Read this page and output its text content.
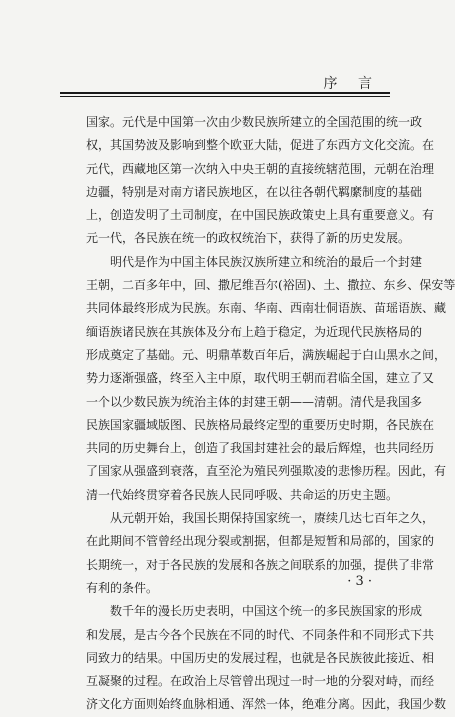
序 言
国家。元代是中国第一次由少数民族所建立的全国范围的统一政
权，其国势波及影响到整个欧亚大陆，促进了东西方文化交流。在
元代，西藏地区第一次纳入中央王朝的直接统辖范围，元朝在治理
边疆，特别是对南方诸民族地区，在以往各朝代羁縻制度的基础
上，创造发明了土司制度，在中国民族政策史上具有重要意义。有
元一代，各民族在统一的政权统治下，获得了新的历史发展。
明代是作为中国主体民族汉族所建立和统治的最后一个封建
王朝，二百多年中，回、撒尼维吾尔(裕固)、土、撒拉、东乡、保安等
共同体最终形成为民族。东南、华南、西南壮侗语族、苗瑶语族、藏
缅语族诸民族在其族体及分布上趋于稳定，为近现代民族格局的
形成奠定了基础。元、明鼎革数百年后，满族崛起于白山黑水之间，
势力逐渐强盛，终至入主中原，取代明王朝而君临全国，建立了又
一个以少数民族为统治主体的封建王朝——清朝。清代是我国多
民族国家疆域版图、民族格局最终定型的重要历史时期，各民族在
共同的历史舞台上，创造了我国封建社会的最后辉煌，也共同经历
了国家从强盛到衰落，直至沦为殖民列强欺凌的悲惨历程。因此，有
清一代始终贯穿着各民族人民同呼吸、共命运的历史主题。
从元朝开始，我国长期保持国家统一，赓续几达七百年之久，
在此期间不管曾经出现分裂或割据，但都是短暂和局部的，国家的
长期统一，对于各民族的发展和各族之间联系的加强，提供了非常
有利的条件。
数千年的漫长历史表明，中国这个统一的多民族国家的形成
和发展，是古今各个民族在不同的时代、不同条件和不同形式下共
同致力的结果。中国历史的发展过程，也就是各民族彼此接近、相
互凝聚的过程。在政治上尽管曾出现过一时一地的分裂对峙，而经
济文化方面则始终血脉相通、浑然一体，绝难分离。因此，我国少数
· 3 ·
